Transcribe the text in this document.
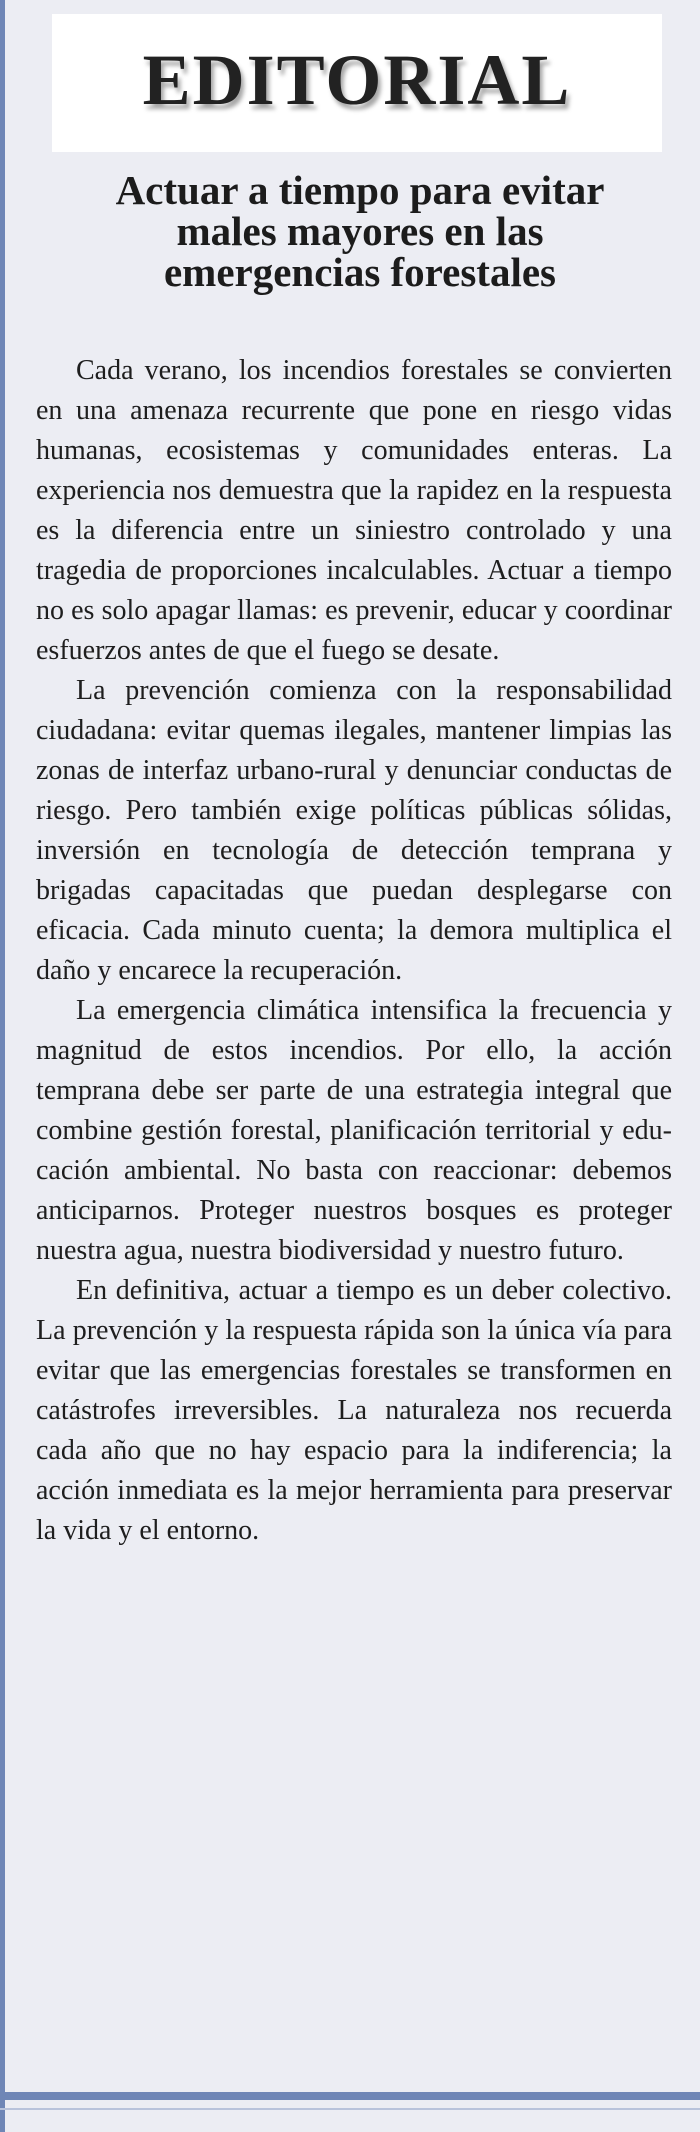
EDITORIAL
Actuar a tiempo para evitar
males mayores en las
emergencias forestales

Cada verano, los incendios forestales se convierten en una amenaza recurrente que pone en riesgo vidas humanas, ecosistemas y comunidades enteras. La experiencia nos demuestra que la rapidez en la respuesta es la diferencia entre un siniestro controlado y una tragedia de proporciones incalculables. Actuar a tiempo no es solo apagar llamas: es prevenir, educar y coordinar esfuerzos antes de que el fuego se desate.

La prevención comienza con la responsabilidad ciudadana: evitar quemas ilegales, mantener limpias las zonas de interfaz urbano-rural y denunciar conductas de riesgo. Pero también exige políticas públicas sólidas, inversión en tecnología de detección temprana y brigadas capacitadas que puedan desplegarse con eficacia. Cada minuto cuenta; la demora multiplica el daño y encarece la recuperación.

La emergencia climática intensifica la frecuencia y magnitud de estos incendios. Por ello, la acción temprana debe ser parte de una estrategia integral que combine gestión forestal, planificación territorial y educación ambiental. No basta con reaccionar: debemos anticiparnos. Proteger nuestros bosques es proteger nuestra agua, nuestra biodiversidad y nuestro futuro.

En definitiva, actuar a tiempo es un deber colectivo. La prevención y la respuesta rápida son la única vía para evitar que las emergencias forestales se transformen en catástrofes irreversibles. La naturaleza nos recuerda cada año que no hay espacio para la indiferencia; la acción inmediata es la mejor herramienta para preservar la vida y el entorno.
